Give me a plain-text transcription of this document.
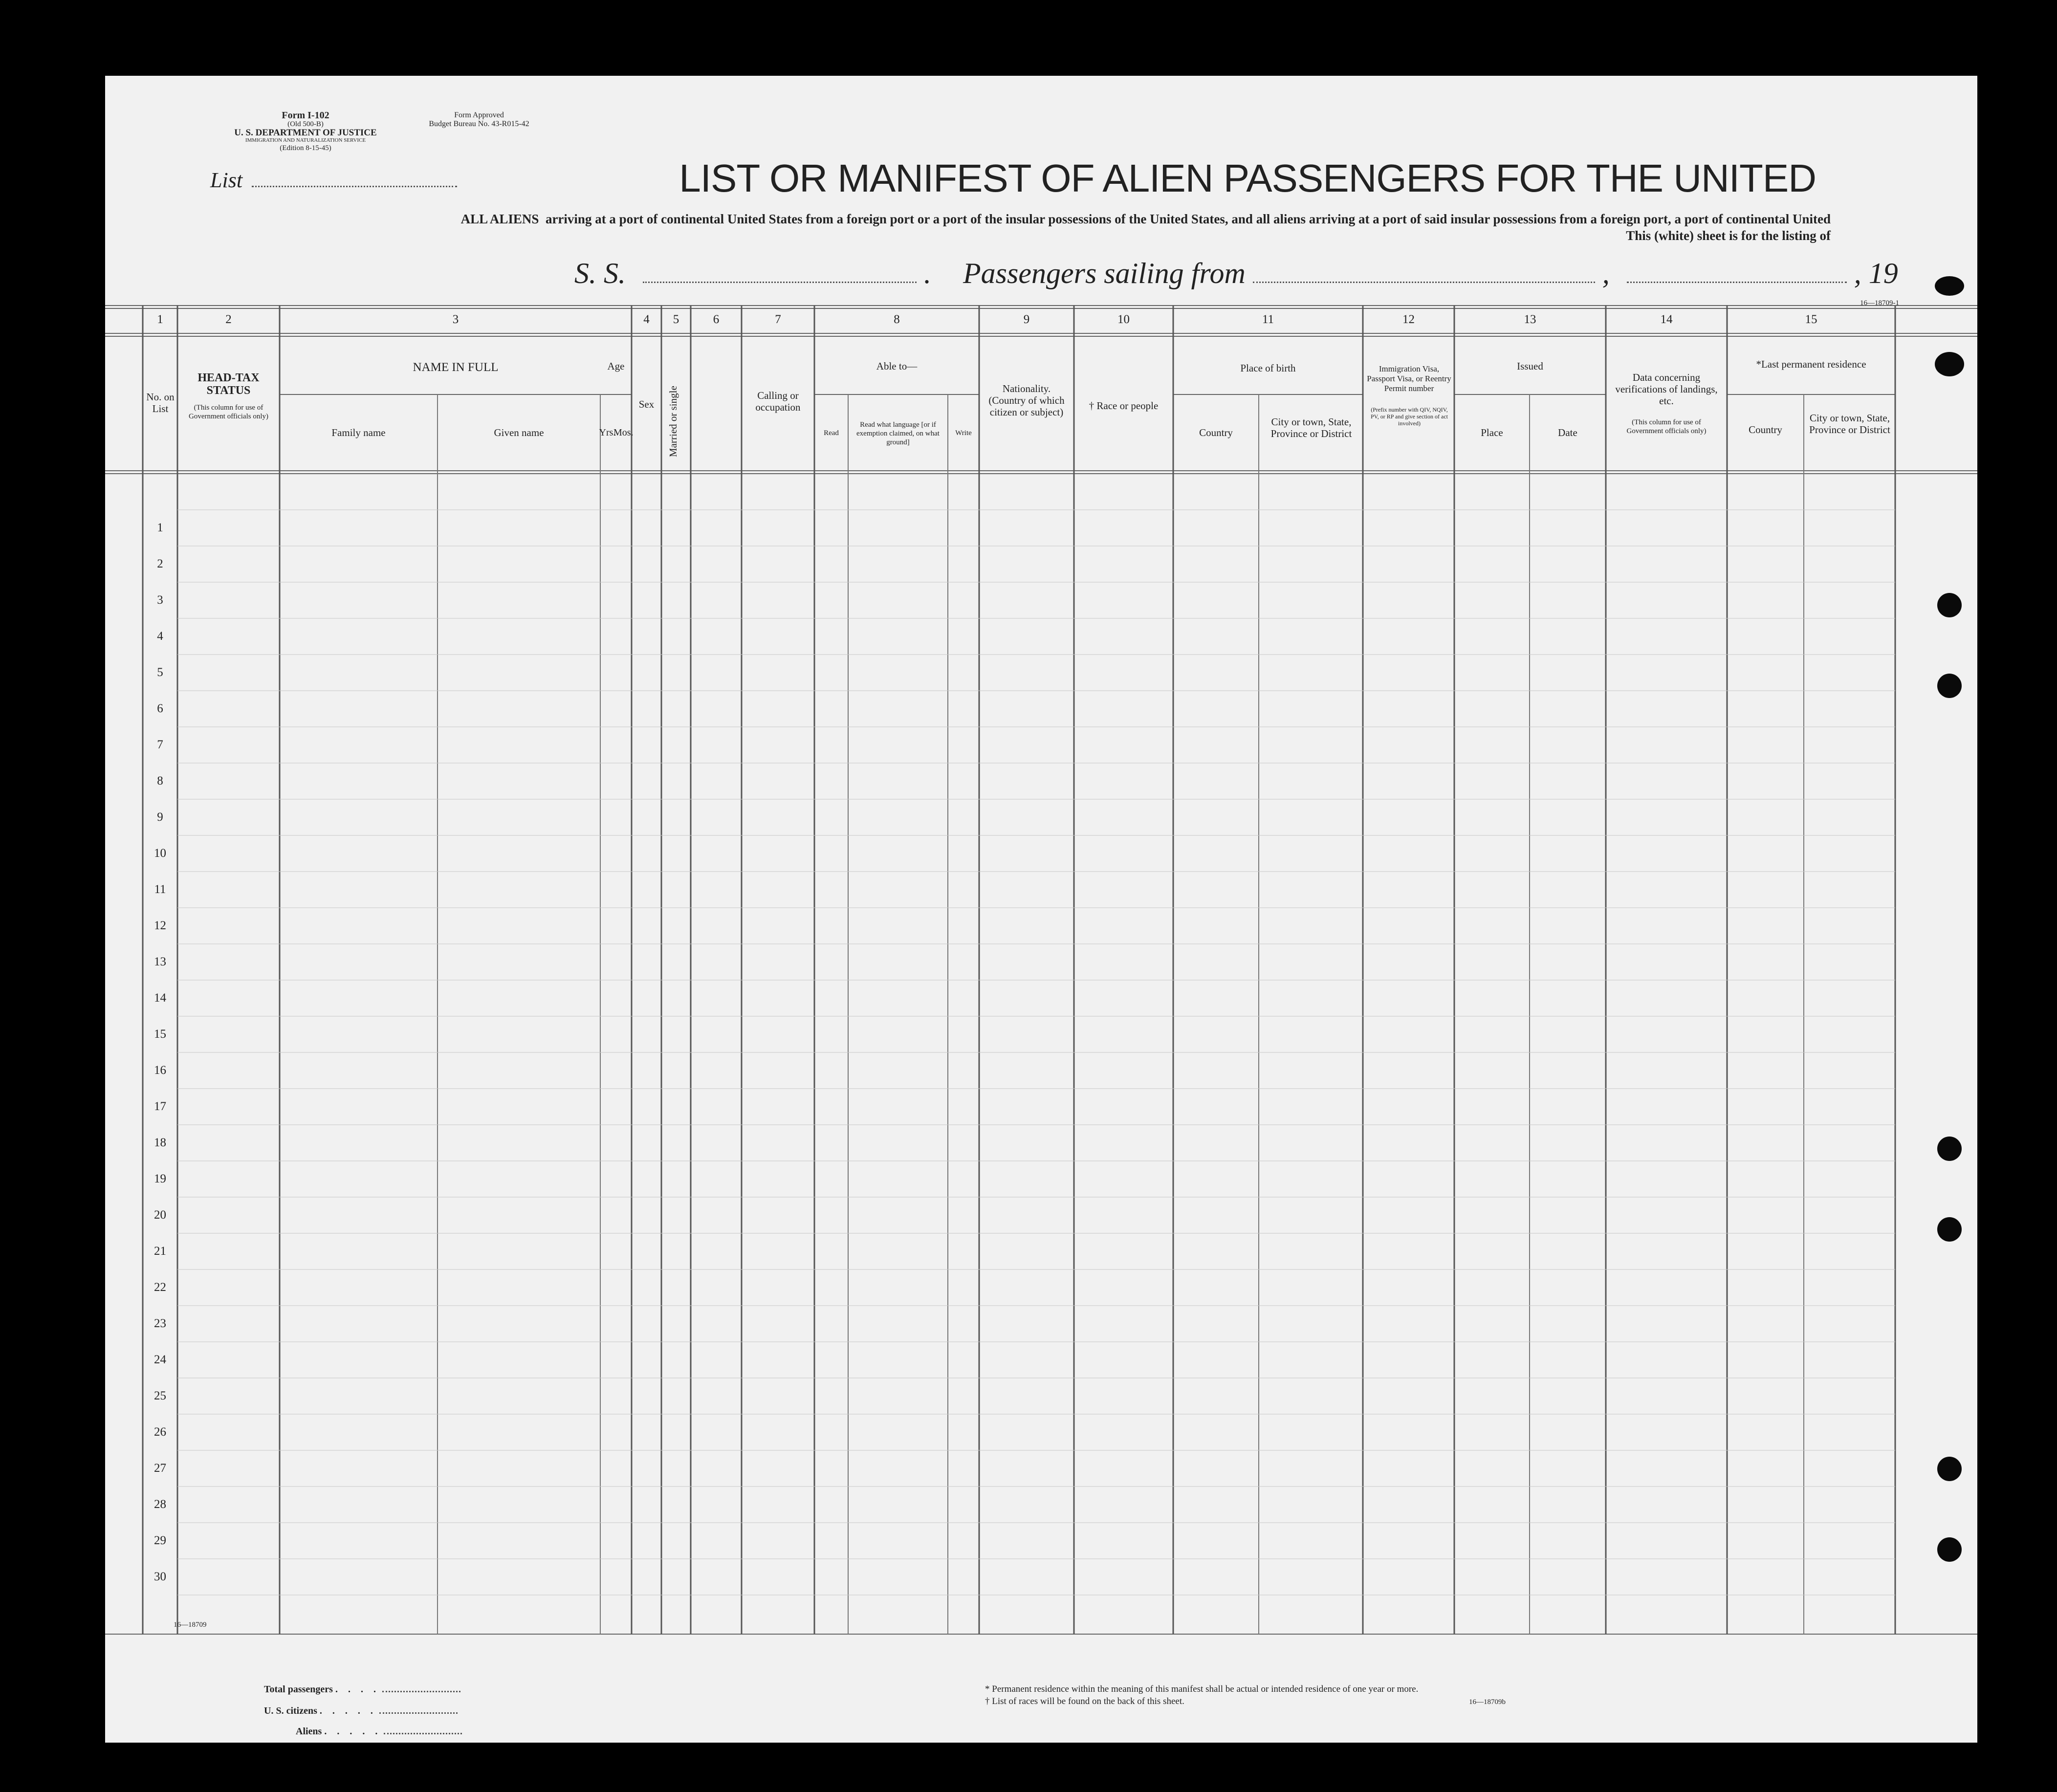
Form I-102
(Old 500-B)
U. S. DEPARTMENT OF JUSTICE
IMMIGRATION AND NATURALIZATION SERVICE
(Edition 8-15-45)
Form Approved
Budget Bureau No. 43-R015-42
List	LIST OR MANIFEST OF ALIEN PASSENGERS FOR THE UNITED
ALL ALIENS arriving at a port of continental United States from a foreign port or a port of the insular possessions of the United States, and all aliens arriving at a port of said insular possessions from a foreign port, a port of continental United
This (white) sheet is for the listing of
S. S.	. Passengers sailing from	,	, 19
16—18709-1
1	2	3	4	5	6	7	8	9	10	11	12	13	14	15
No. on List
HEAD-TAX STATUS
(This column for use of Government officials only)
NAME IN FULL
Family name	Given name
Age
Yrs.
Mos.
Sex	Married or single	Calling or occupation
Able to—
Read
Read what language [or if exemption claimed, on what ground]
Write
Nationality. (Country of which citizen or subject)
† Race or people
Place of birth
Country
City or town, State, Province or District
Immigration Visa, Passport Visa, or Reentry Permit number
(Prefix number with QIV, NQIV, PV, or RP and give section of act involved)
Issued
Place	Date
Data concerning verifications of landings, etc.
(This column for use of Government officials only)
*Last permanent residence
Country
City or town, State, Province or District
1
2
3
4
5
6
7
8
9
10
11
12
13
14
15
16
17
18
19
20
21
22
23
24
25
26
27
28
29
30
16—18709
Total passengers . . . .
U. S. citizens . . . . .
Aliens . . . . .
* Permanent residence within the meaning of this manifest shall be actual or intended residence of one year or more.
† List of races will be found on the back of this sheet.	16—18709b
